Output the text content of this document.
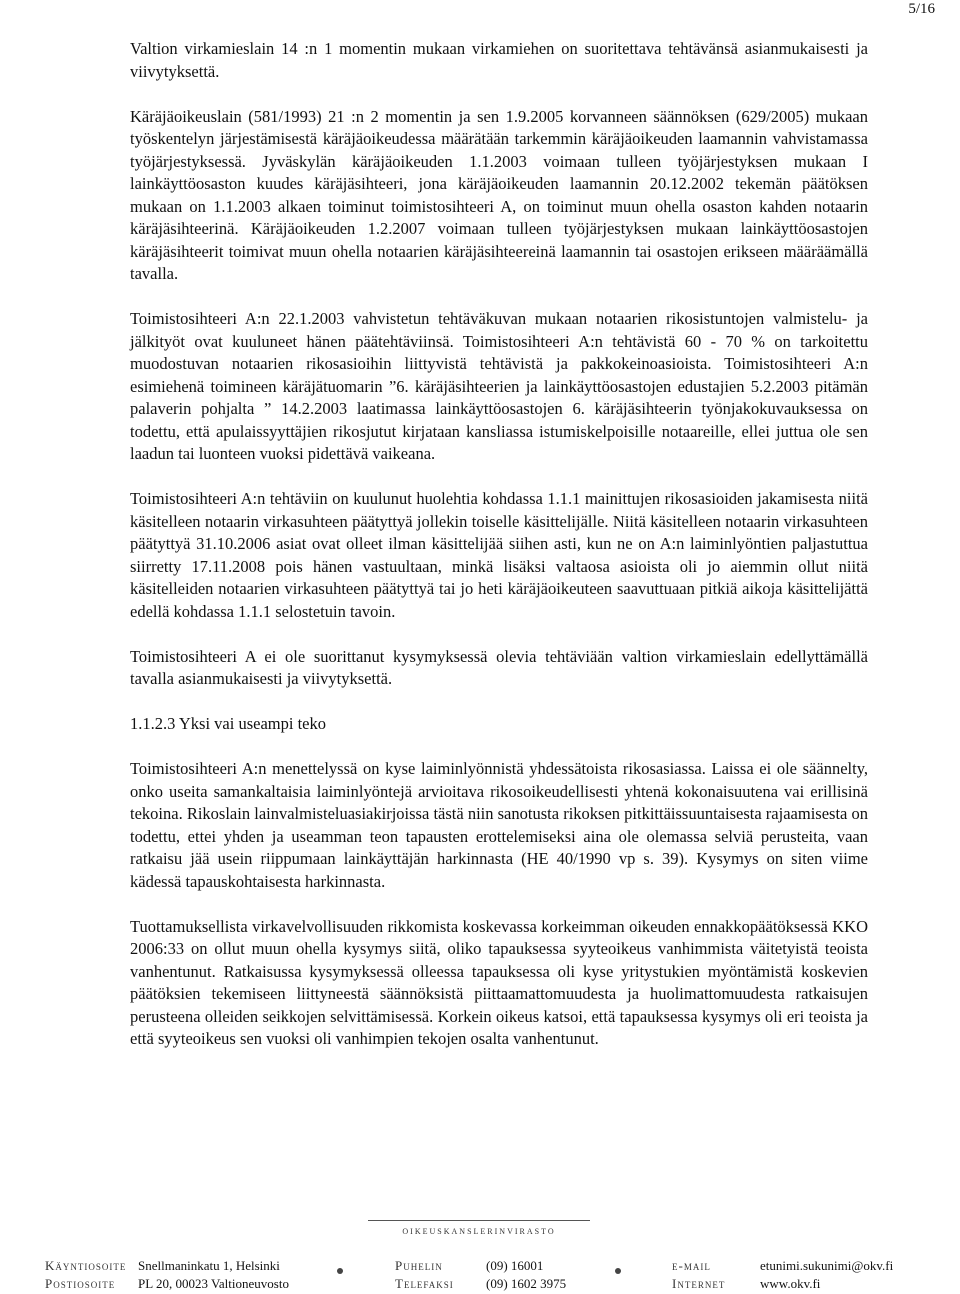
5/16

Valtion virkamieslain 14 :n 1 momentin mukaan virkamiehen on suoritettava tehtävänsä asianmukaisesti ja viivytyksettä.

Käräjäoikeuslain (581/1993) 21 :n 2 momentin ja sen 1.9.2005 korvanneen säännöksen (629/2005) mukaan työskentelyn järjestämisestä käräjäoikeudessa määrätään tarkemmin käräjäoikeuden laamannin vahvistamassa työjärjestyksessä. Jyväskylän käräjäoikeuden 1.1.2003 voimaan tulleen työjärjestyksen mukaan I lainkäyttöosaston kuudes käräjäsihteeri, jona käräjäoikeuden laamannin 20.12.2002 tekemän päätöksen mukaan on 1.1.2003 alkaen toiminut toimistosihteeri A, on toiminut muun ohella osaston kahden notaarin käräjäsihteerinä. Käräjäoikeuden 1.2.2007 voimaan tulleen työjärjestyksen mukaan lainkäyttöosastojen käräjäsihteerit toimivat muun ohella notaarien käräjäsihteereinä laamannin tai osastojen erikseen määräämällä tavalla.

Toimistosihteeri A:n 22.1.2003 vahvistetun tehtäväkuvan mukaan notaarien rikosistuntojen valmistelu- ja jälkityöt ovat kuuluneet hänen päätehtäviinsä. Toimistosihteeri A:n tehtävistä 60 - 70 % on tarkoitettu muodostuvan notaarien rikosasioihin liittyvistä tehtävistä ja pakkokeinoasioista. Toimistosihteeri A:n esimiehenä toimineen käräjätuomarin ”6. käräjäsihteerien ja lainkäyttöosastojen edustajien 5.2.2003 pitämän palaverin pohjalta ” 14.2.2003 laatimassa lainkäyttöosastojen 6. käräjäsihteerin työnjakokuvauksessa on todettu, että apulaissyyttäjien rikosjutut kirjataan kansliassa istumiskelpoisille notaareille, ellei juttua ole sen laadun tai luonteen vuoksi pidettävä vaikeana.

Toimistosihteeri A:n tehtäviin on kuulunut huolehtia kohdassa 1.1.1 mainittujen rikosasioiden jakamisesta niitä käsitelleen notaarin virkasuhteen päätyttyä jollekin toiselle käsittelijälle. Niitä käsitelleen notaarin virkasuhteen päätyttyä 31.10.2006 asiat ovat olleet ilman käsittelijää siihen asti, kun ne on A:n laiminlyöntien paljastuttua siirretty 17.11.2008 pois hänen vastuultaan, minkä lisäksi valtaosa asioista oli jo aiemmin ollut niitä käsitelleiden notaarien virkasuhteen päätyttyä tai jo heti käräjäoikeuteen saavuttuaan pitkiä aikoja käsittelijättä edellä kohdassa 1.1.1 selostetuin tavoin.

Toimistosihteeri A ei ole suorittanut kysymyksessä olevia tehtäviään valtion virkamieslain edellyttämällä tavalla asianmukaisesti ja viivytyksettä.

1.1.2.3 Yksi vai useampi teko

Toimistosihteeri A:n menettelyssä on kyse laiminlyönnistä yhdessätoista rikosasiassa. Laissa ei ole säännelty, onko useita samankaltaisia laiminlyöntejä arvioitava rikosoikeudellisesti yhtenä kokonaisuutena vai erillisinä tekoina. Rikoslain lainvalmisteluasiakirjoissa tästä niin sanotusta rikoksen pitkittäissuuntaisesta rajaamisesta on todettu, ettei yhden ja useamman teon tapausten erottelemiseksi aina ole olemassa selviä perusteita, vaan ratkaisu jää usein riippumaan lainkäyttäjän harkinnasta (HE 40/1990 vp s. 39). Kysymys on siten viime kädessä tapauskohtaisesta harkinnasta.

Tuottamuksellista virkavelvollisuuden rikkomista koskevassa korkeimman oikeuden ennakkopäätöksessä KKO 2006:33 on ollut muun ohella kysymys siitä, oliko tapauksessa syyteoikeus vanhimmista väitetyistä teoista vanhentunut. Ratkaisussa kysymyksessä olleessa tapauksessa oli kyse yritystukien myöntämistä koskevien päätöksien tekemiseen liittyneestä säännöksistä piittaamattomuudesta ja huolimattomuudesta ratkaisujen perusteena olleiden seikkojen selvittämisessä. Korkein oikeus katsoi, että tapauksessa kysymys oli eri teoista ja että syyteoikeus sen vuoksi oli vanhimpien tekojen osalta vanhentunut.

oikeuskanslerinvirasto
Käyntiosoite Snellmaninkatu 1, Helsinki	Puhelin	(09) 16001	e-mail	etunimi.sukunimi@okv.fi
Postiosoite PL 20, 00023 Valtioneuvosto	Telefaksi (09) 1602 3975	Internet	www.okv.fi
